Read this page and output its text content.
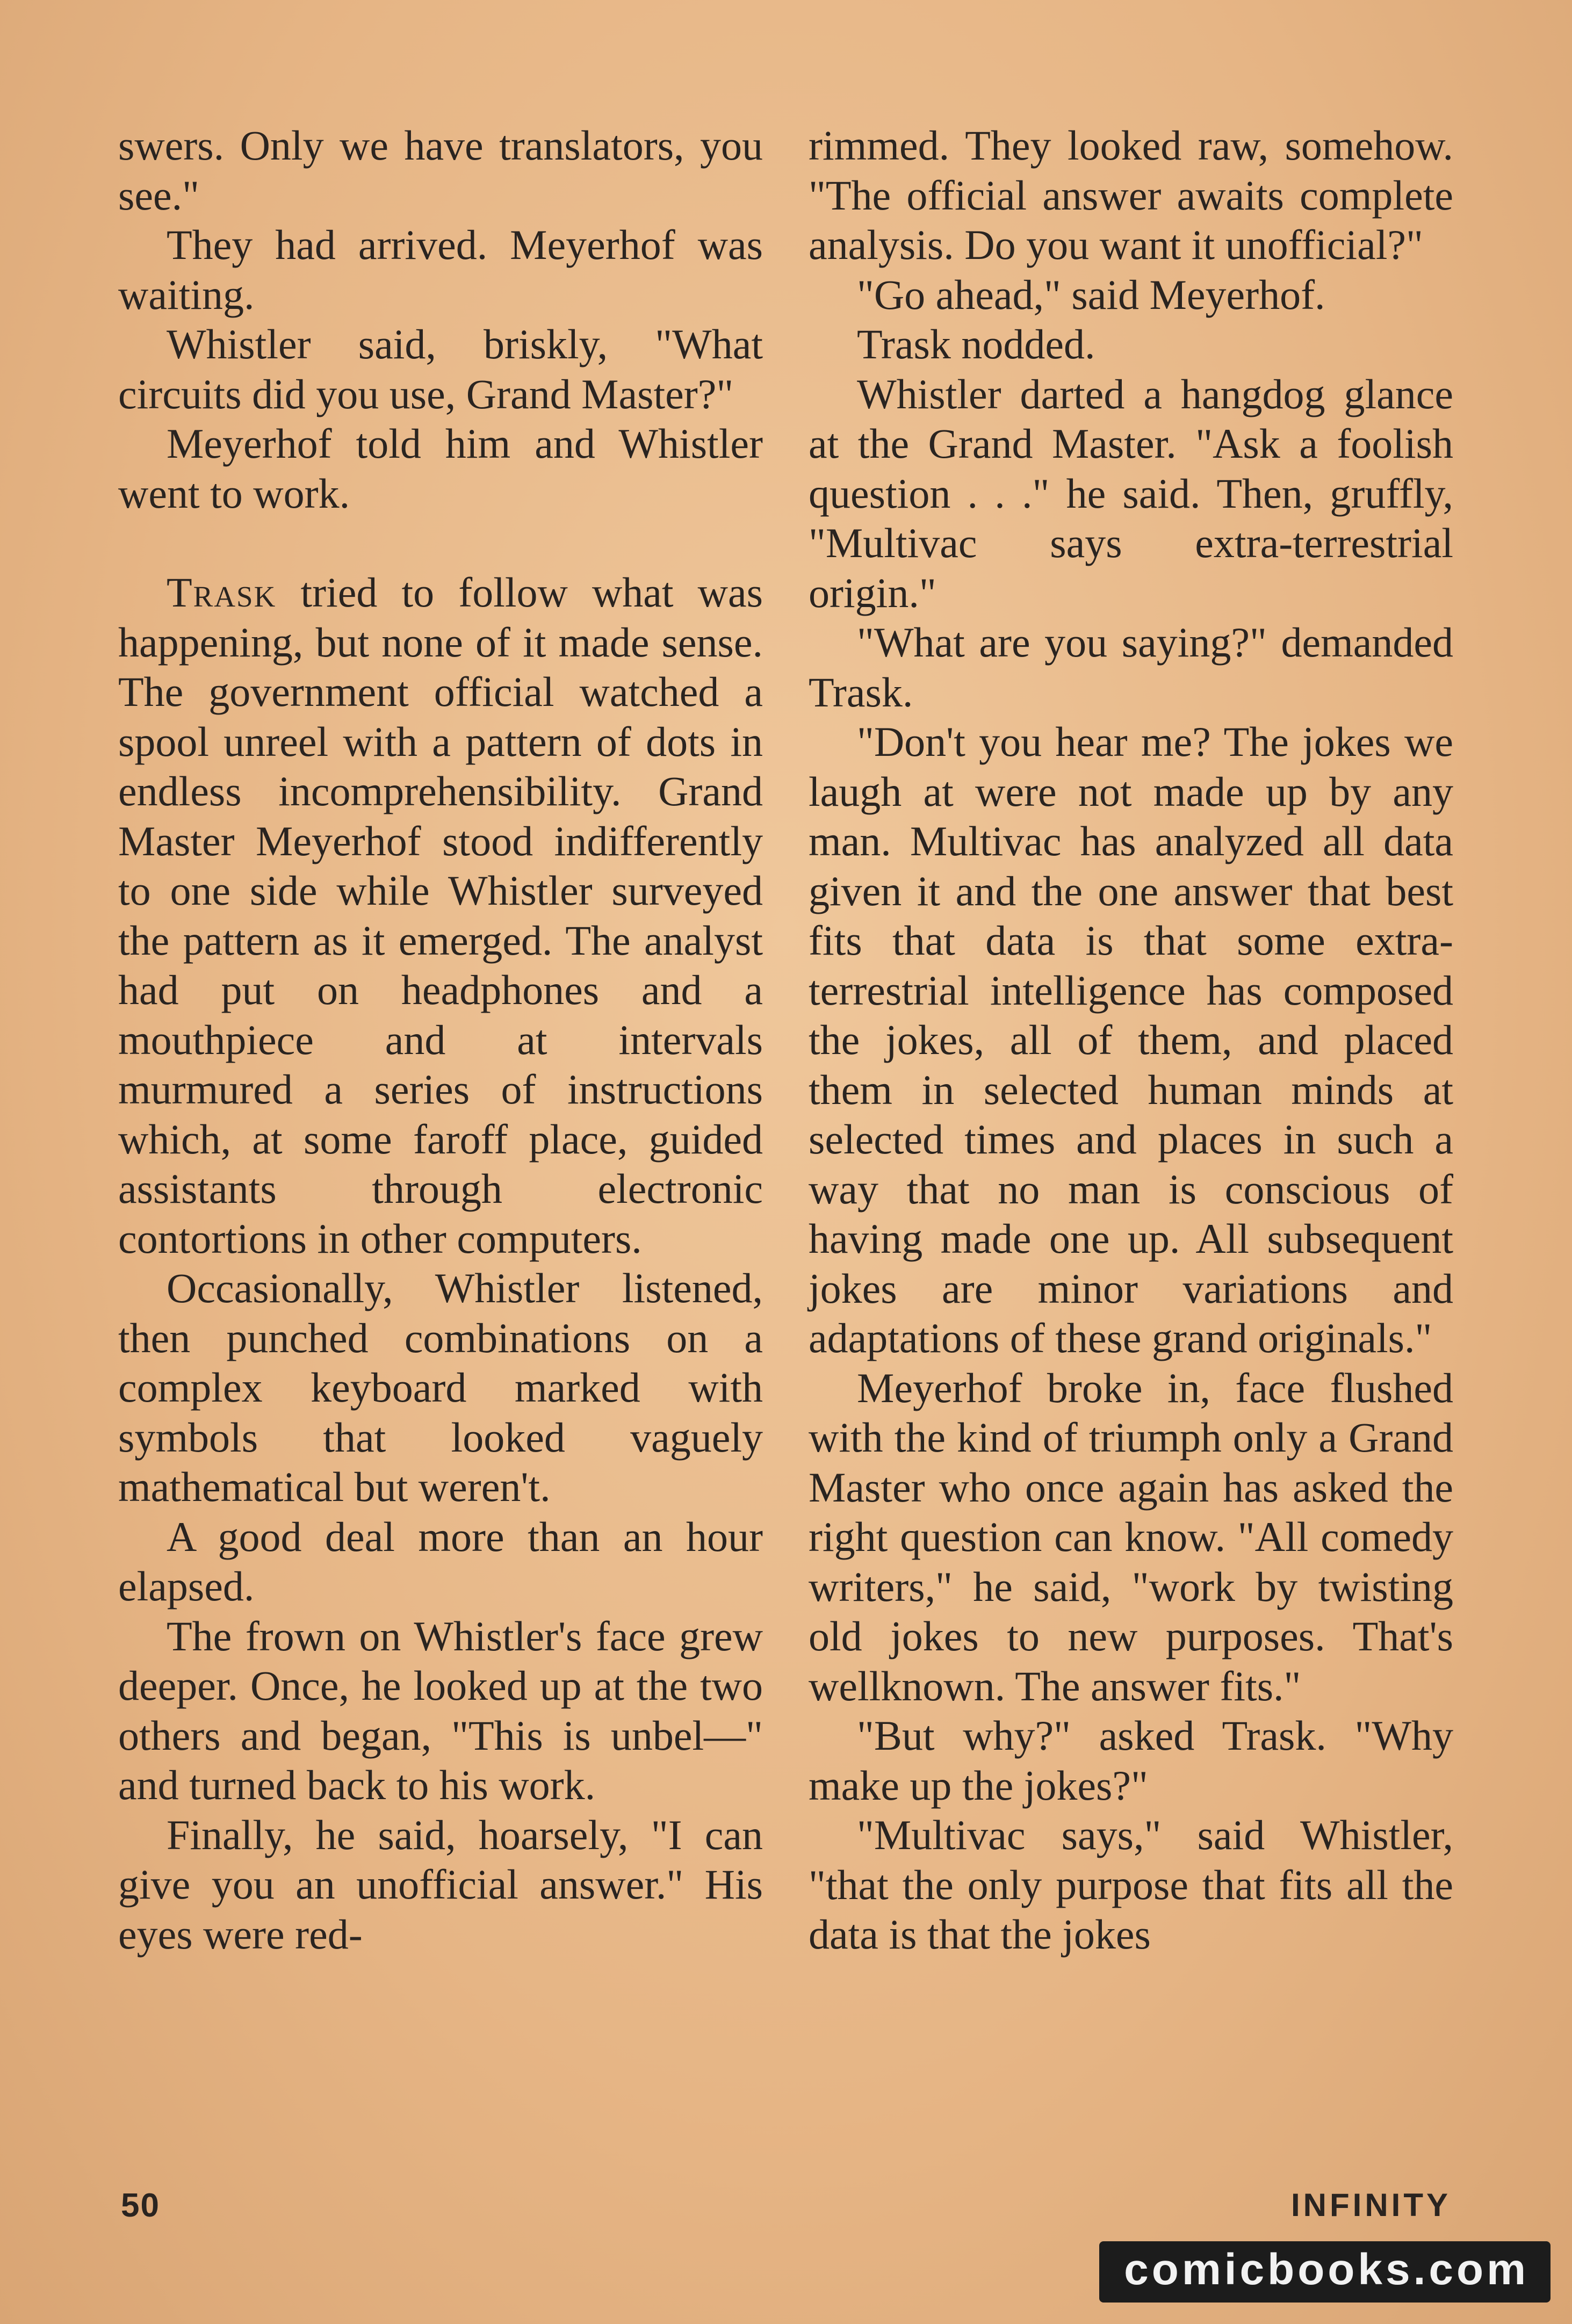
swers. Only we have translators, you see."

They had arrived. Meyerhof was waiting.

Whistler said, briskly, "What circuits did you use, Grand Master?"

Meyerhof told him and Whistler went to work.

Trask tried to follow what was happening, but none of it made sense. The government official watched a spool unreel with a pattern of dots in endless incomprehensibility. Grand Master Meyerhof stood indifferently to one side while Whistler surveyed the pattern as it emerged. The analyst had put on headphones and a mouthpiece and at intervals murmured a series of instructions which, at some faroff place, guided assistants through electronic contortions in other computers.

Occasionally, Whistler listened, then punched combinations on a complex keyboard marked with symbols that looked vaguely mathematical but weren't.

A good deal more than an hour elapsed.

The frown on Whistler's face grew deeper. Once, he looked up at the two others and began, "This is unbel—" and turned back to his work.

Finally, he said, hoarsely, "I can give you an unofficial answer." His eyes were red-

rimmed. They looked raw, somehow. "The official answer awaits complete analysis. Do you want it unofficial?"

"Go ahead," said Meyerhof.

Trask nodded.

Whistler darted a hangdog glance at the Grand Master. "Ask a foolish question . . ." he said. Then, gruffly, "Multivac says extra-terrestrial origin."

"What are you saying?" demanded Trask.

"Don't you hear me? The jokes we laugh at were not made up by any man. Multivac has analyzed all data given it and the one answer that best fits that data is that some extra-terrestrial intelligence has composed the jokes, all of them, and placed them in selected human minds at selected times and places in such a way that no man is conscious of having made one up. All subsequent jokes are minor variations and adaptations of these grand originals."

Meyerhof broke in, face flushed with the kind of triumph only a Grand Master who once again has asked the right question can know. "All comedy writers," he said, "work by twisting old jokes to new purposes. That's wellknown. The answer fits."

"But why?" asked Trask. "Why make up the jokes?"

"Multivac says," said Whistler, "that the only purpose that fits all the data is that the jokes

50	INFINITY
comicbooks.com
